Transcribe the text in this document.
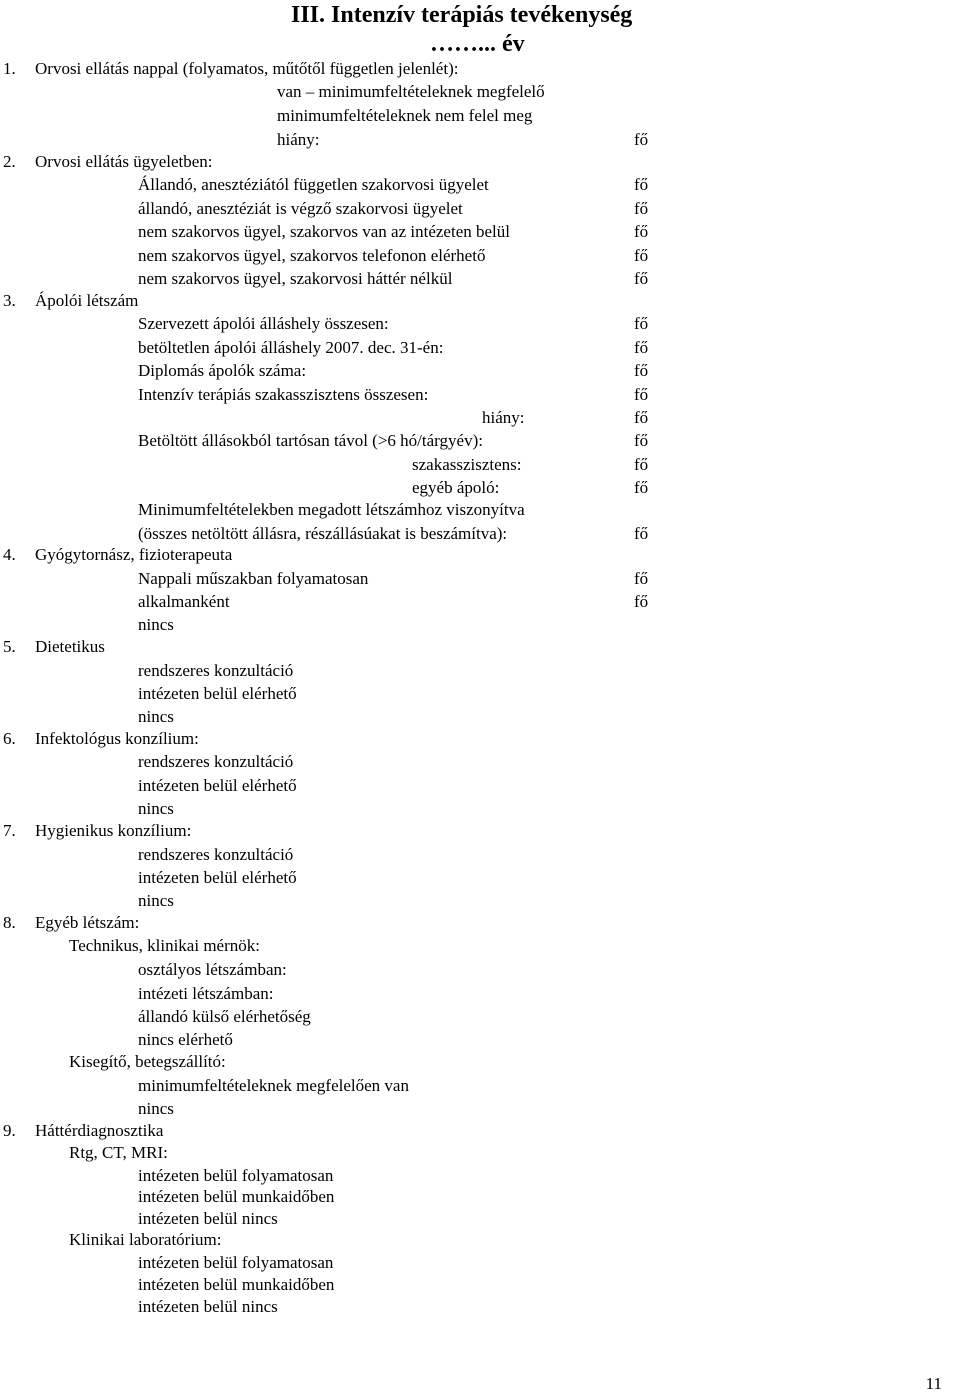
III. Intenzív terápiás tevékenység
……... év
1. Orvosi ellátás nappal (folyamatos, műtőtől független jelenlét):
van – minimumfeltételeknek megfelelő
minimumfeltételeknek nem felel meg
hiány:	fő
2. Orvosi ellátás ügyeletben:
Állandó, anesztéziától független szakorvosi ügyelet	fő
állandó, anesztéziát is végző szakorvosi ügyelet	fő
nem szakorvos ügyel, szakorvos van az intézeten belül	fő
nem szakorvos ügyel, szakorvos telefonon elérhető	fő
nem szakorvos ügyel, szakorvosi háttér nélkül	fő
3. Ápolói létszám
Szervezett ápolói álláshely összesen:	fő
betöltetlen ápolói álláshely 2007. dec. 31-én:	fő
Diplomás ápolók száma:	fő
Intenzív terápiás szakasszisztens összesen:	fő
hiány:	fő
Betöltött állásokból tartósan távol (>6 hó/tárgyév):	fő
szakasszisztens:	fő
egyéb ápoló:	fő
Minimumfeltételekben megadott létszámhoz viszonyítva
(összes netöltött állásra, részállásúakat is beszámítva):	fő
4. Gyógytornász, fizioterapeuta
Nappali műszakban folyamatosan	fő
alkalmanként	fő
nincs
5. Dietetikus
rendszeres konzultáció
intézeten belül elérhető
nincs
6. Infektológus konzílium:
rendszeres konzultáció
intézeten belül elérhető
nincs
7. Hygienikus konzílium:
rendszeres konzultáció
intézeten belül elérhető
nincs
8. Egyéb létszám:
Technikus, klinikai mérnök:
osztályos létszámban:
intézeti létszámban:
állandó külső elérhetőség
nincs elérhető
Kisegítő, betegszállító:
minimumfeltételeknek megfelelően van
nincs
9. Háttérdiagnosztika
Rtg, CT, MRI:
intézeten belül folyamatosan
intézeten belül munkaidőben
intézeten belül nincs
Klinikai laboratórium:
intézeten belül folyamatosan
intézeten belül munkaidőben
intézeten belül nincs
11
